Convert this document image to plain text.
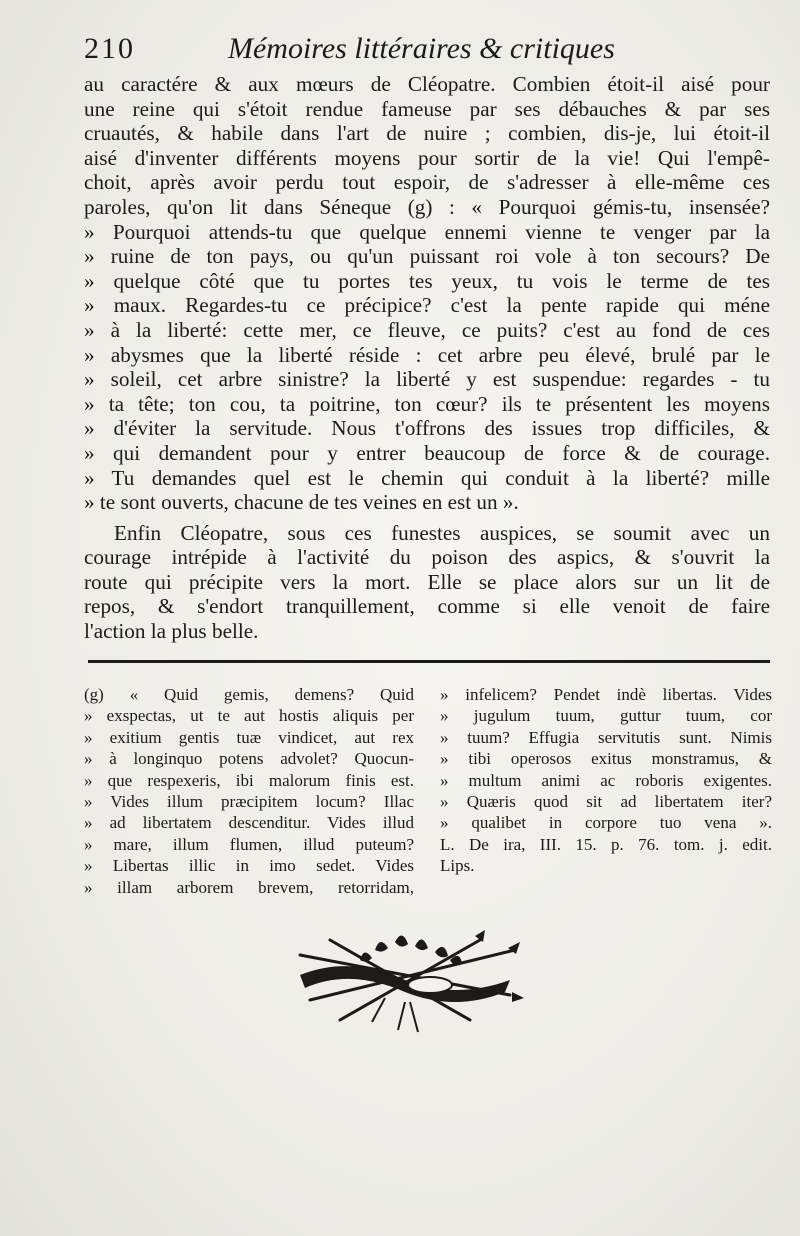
210	Mémoires littéraires & critiques
au caractére & aux mœurs de Cléopatre. Combien étoit-il aisé pour
une reine qui s'étoit rendue fameuse par ses débauches & par ses
cruautés, & habile dans l'art de nuire ; combien, dis-je, lui étoit-il
aisé d'inventer différents moyens pour sortir de la vie! Qui l'empê-
choit, après avoir perdu tout espoir, de s'adresser à elle-même ces
paroles, qu'on lit dans Séneque (g) : « Pourquoi gémis-tu, insensée?
» Pourquoi attends-tu que quelque ennemi vienne te venger par la
» ruine de ton pays, ou qu'un puissant roi vole à ton secours? De
» quelque côté que tu portes tes yeux, tu vois le terme de tes
» maux. Regardes-tu ce précipice? c'est la pente rapide qui méne
» à la liberté: cette mer, ce fleuve, ce puits? c'est au fond de ces
» abysmes que la liberté réside : cet arbre peu élevé, brulé par le
» soleil, cet arbre sinistre? la liberté y est suspendue: regardes - tu
» ta tête; ton cou, ta poitrine, ton cœur? ils te présentent les moyens
» d'éviter la servitude. Nous t'offrons des issues trop difficiles, &
» qui demandent pour y entrer beaucoup de force & de courage.
» Tu demandes quel est le chemin qui conduit à la liberté? mille
» te sont ouverts, chacune de tes veines en est un ».
Enfin Cléopatre, sous ces funestes auspices, se soumit avec un
courage intrépide à l'activité du poison des aspics, & s'ouvrit la
route qui précipite vers la mort. Elle se place alors sur un lit de
repos, & s'endort tranquillement, comme si elle venoit de faire
l'action la plus belle.
(g) « Quid gemis, demens? Quid
» exspectas, ut te aut hostis aliquis per
» exitium gentis tuæ vindicet, aut rex
» à longinquo potens advolet? Quocun-
» que respexeris, ibi malorum finis est.
» Vides illum præcipitem locum? Illac
» ad libertatem descenditur. Vides illud
» mare, illum flumen, illud puteum?
» Libertas illic in imo sedet. Vides
» illam arborem brevem, retorridam,
» infelicem? Pendet indè libertas. Vides
» jugulum tuum, guttur tuum, cor
» tuum? Effugia servitutis sunt. Nimis
» tibi operosos exitus monstramus, &
» multum animi ac roboris exigentes.
» Quæris quod sit ad libertatem iter?
» qualibet in corpore tuo vena ».
L. De ira, III. 15. p. 76. tom. j. edit.
Lips.
